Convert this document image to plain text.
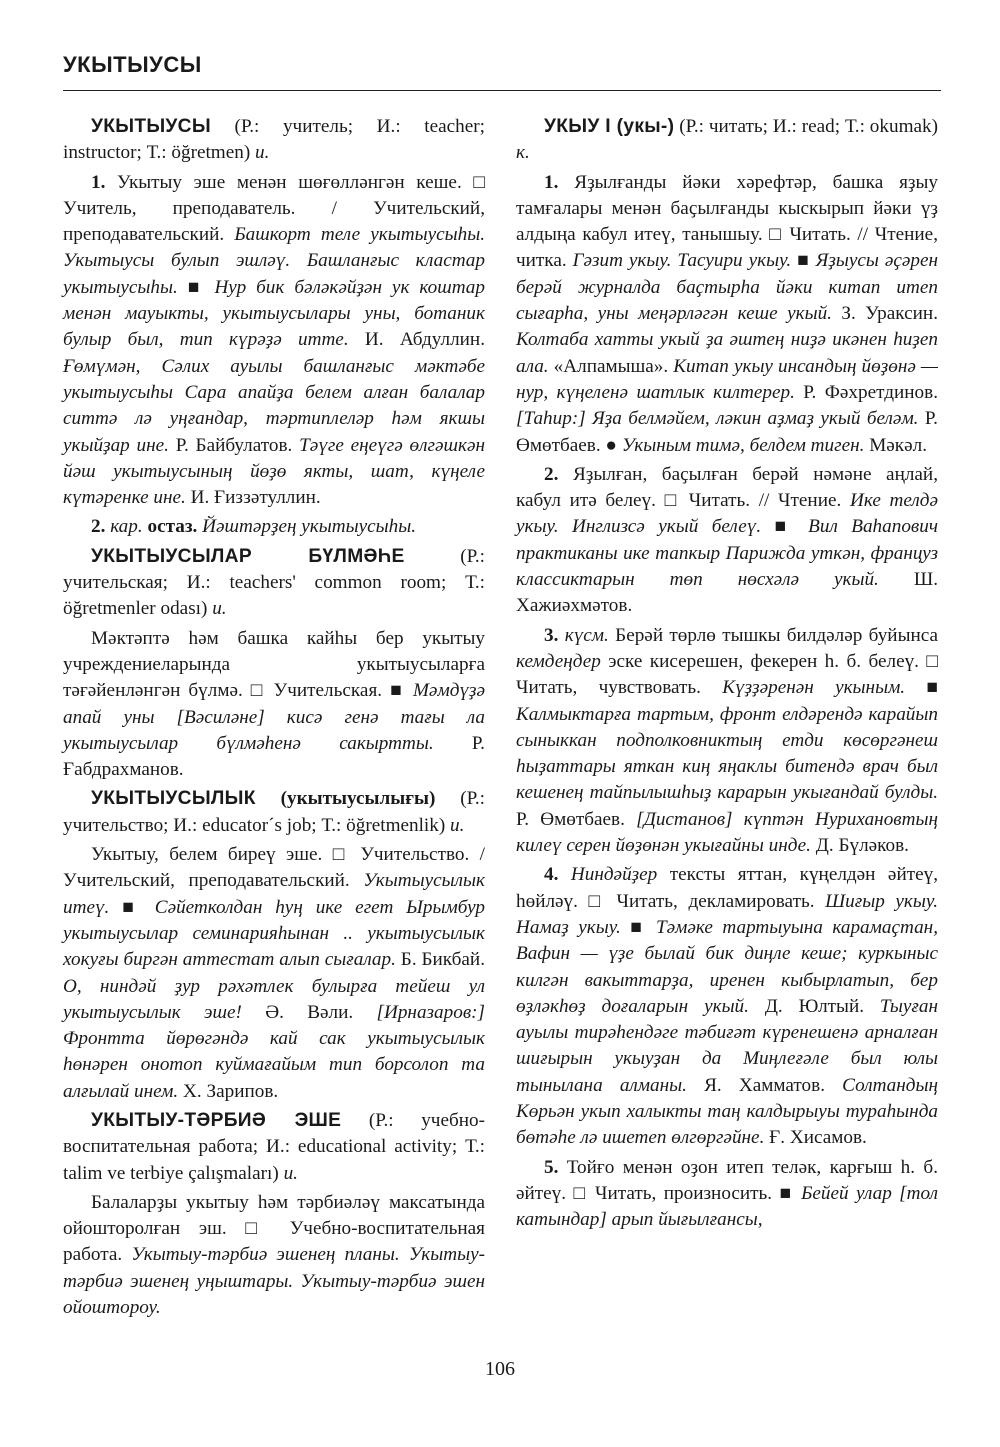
УКЫТЫУСЫ

УКЫТЫУСЫ (Р.: учитель; И.: teacher; instructor; Т.: öğretmen) и.

1. Укытыу эше менән шөғөлләнгән кеше. □ Учитель, преподаватель. / Учительский, преподавательский. Башкорт теле укытыусыhы. Укытыусы булып эшләү. Башланғыс кластар укытыусыhы. ■ Нур бик бәләкәйҙән ук коштар менән мауыкты, укытыусылары уны, ботаник булыр был, тип күрәҙә итте. И. Абдуллин. Ғөмүмән, Сәлих ауылы башланғыс мәктәбе укытыусыhы Сара апайҙа белем алған балалар ситтә лә уңғандар, тәртиплеләр hәм якшы укыйҙар ине. Р. Байбулатов. Тәүге еңеүгә өлгәшкән йәш укытыусының йөҙө якты, шат, күңеле күтәренке ине. И. Ғиззәтуллин.

2. кар. остаз. Йәштәрҙең укытыусыhы.

УКЫТЫУСЫЛАР БҮЛМӘҺЕ (Р.: учительская; И.: teachers' common room; Т.: öğretmenler odası) и.

Мәктәптә hәм башка кайhы бер укытыу учреждениеларында укытыусыларға тәғәйенләнгән бүлмә. □ Учительская. ■ Мәмдүҙә апай уны [Вәсиләне] кисә генә тағы ла укытыусылар бүлмәhенә сакыртты. Р. Ғабдрахманов.

УКЫТЫУСЫЛЫК (укытыусылығы) (Р.: учительство; И.: educator´s job; Т.: öğretmenlik) и.

Укытыу, белем биреү эше. □ Учительство. / Учительский, преподавательский. Укытыусылык итеү. ■ Сәйетколдан һуң ике егет Ырымбур укытыусылар семинарияhынан .. укытыусылык хокуғы биргән аттестат алып сығалар. Б. Бикбай. О, ниндәй ҙур рәхәтлек булырға тейеш ул укытыусылык эше! Ә. Вәли. [Ирназаров:] Фронтта йөрөгәндә кай сак укытыусылык hөнәрен онотоп куймағайым тип борсолоп та алғылай инем. Х. Зарипов.

УКЫТЫУ-ТӘРБИӘ ЭШЕ (Р.: учебно-воспитательная работа; И.: educational activity; Т.: talim ve terbiye çalışmaları) и.

Балаларҙы укытыу hәм тәрбиәләү максатында ойошторолған эш. □ Учебно-воспитательная работа. Укытыу-тәрбиә эшенең планы. Укытыу-тәрбиә эшенең уңыштары. Укытыу-тәрбиә эшен ойоштороу.

УКЫУ I (укы-) (Р.: читать; И.: read; Т.: okumak) к.

1. Яҙылғанды йәки хәрефтәр, башка яҙыу тамғалары менән баҫылғанды кыскырып йәки үҙ алдыңа кабул итеү, танышыу. □ Читать. // Чтение, читка. Гәзит укыу. Тасуири укыу. ■ Яҙыусы әҫәрен берәй журналда баҫтырhа йәки китап итеп сығарhа, уны меңәрләгән кеше укый. З. Ураксин. Колтаба хатты укый ҙа әштең ниҙә икәнен hиҙеп ала. «Алпамыша». Китап укыу инсандың йөҙөнә — нур, күңеленә шатлык килтерер. Р. Фәхретдинов. [Таhир:] Яҙа белмәйем, ләкин аҙмаҙ укый беләм. Р. Өмөтбаев. ● Укыным тимә, белдем тиген. Мәкәл.

2. Яҙылған, баҫылған берәй нәмәне аңлай, кабул итә белеү. □ Читать. // Чтение. Ике телдә укыу. Инглизсә укый белеү. ■ Вил Вahапович практиканы ике тапкыр Парижда уткән, француз классиктарын төп нөсхәлә укый. Ш. Хажиәхмәтов.

3. күсм. Берәй төрлө тышкы билдәләр буйынса кемдеңдер эске кисерешен, фекерен h. б. белеү. □ Читать, чувствовать. Күҙҙәренән укыным. ■ Калмыктарға тартым, фронт елдәрендә карайып сыныккан подполковниктың етди көсөргәнеш hыҙаттары яткан киң яңаклы битендә врач был кешенең тайпылышhыҙ карарын укығандай булды. Р. Өмөтбаев. [Дистанов] күптән Нурихановтың килеү серен йөҙөнән укығайны инде. Д. Бүләков.

4. Ниндәйҙер тексты яттан, күңелдән әйтеү, hөйләү. □ Читать, декламировать. Шиғыр укыу. Намаҙ укыу. ■ Тәмәке тартыуына карамаҫтан, Вафин — үҙе былай бик диңле кеше; куркыныс килгән вакыттарҙа, иренен кыбырлатып, бер өҙләкhөҙ доғаларын укый. Д. Юлтый. Тыуған ауылы тирәhендәге тәбиғәт күренешенә арналған шиғырын укыуҙан да Миңлеғәле был юлы тынылана алманы. Я. Хамматов. Солтандың Көрьән укып халыкты таң калдырыуы тураhында бөтәhе лә ишетеп өлгөргәйне. Ғ. Хисамов.

5. Тойғо менән оҙон итеп теләк, карғыш h. б. әйтеү. □ Читать, произносить. ■ Бейей улар [тол катындар] арып йығылғансы,

106
